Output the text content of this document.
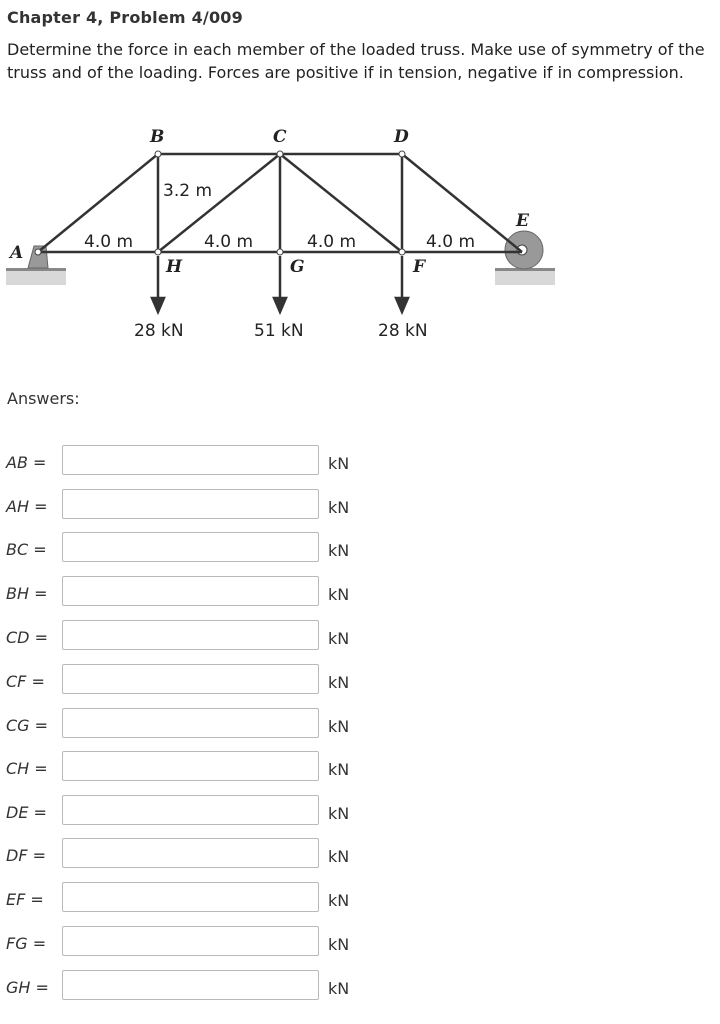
Chapter 4, Problem 4/009
Determine the force in each member of the loaded truss. Make use of symmetry of the truss and of the loading. Forces are positive if in tension, negative if in compression.
A
B	C	D
E
F
G
H
3.2 m
4.0 m	4.0 m	4.0 m	4.0 m
28 kN	51 kN	28 kN
Answers:
AB =	kN
AH =	kN
BC =	kN
BH =	kN
CD =	kN
CF =	kN
CG =	kN
CH =	kN
DE =	kN
DF =	kN
EF =	kN
FG =	kN
GH =	kN
